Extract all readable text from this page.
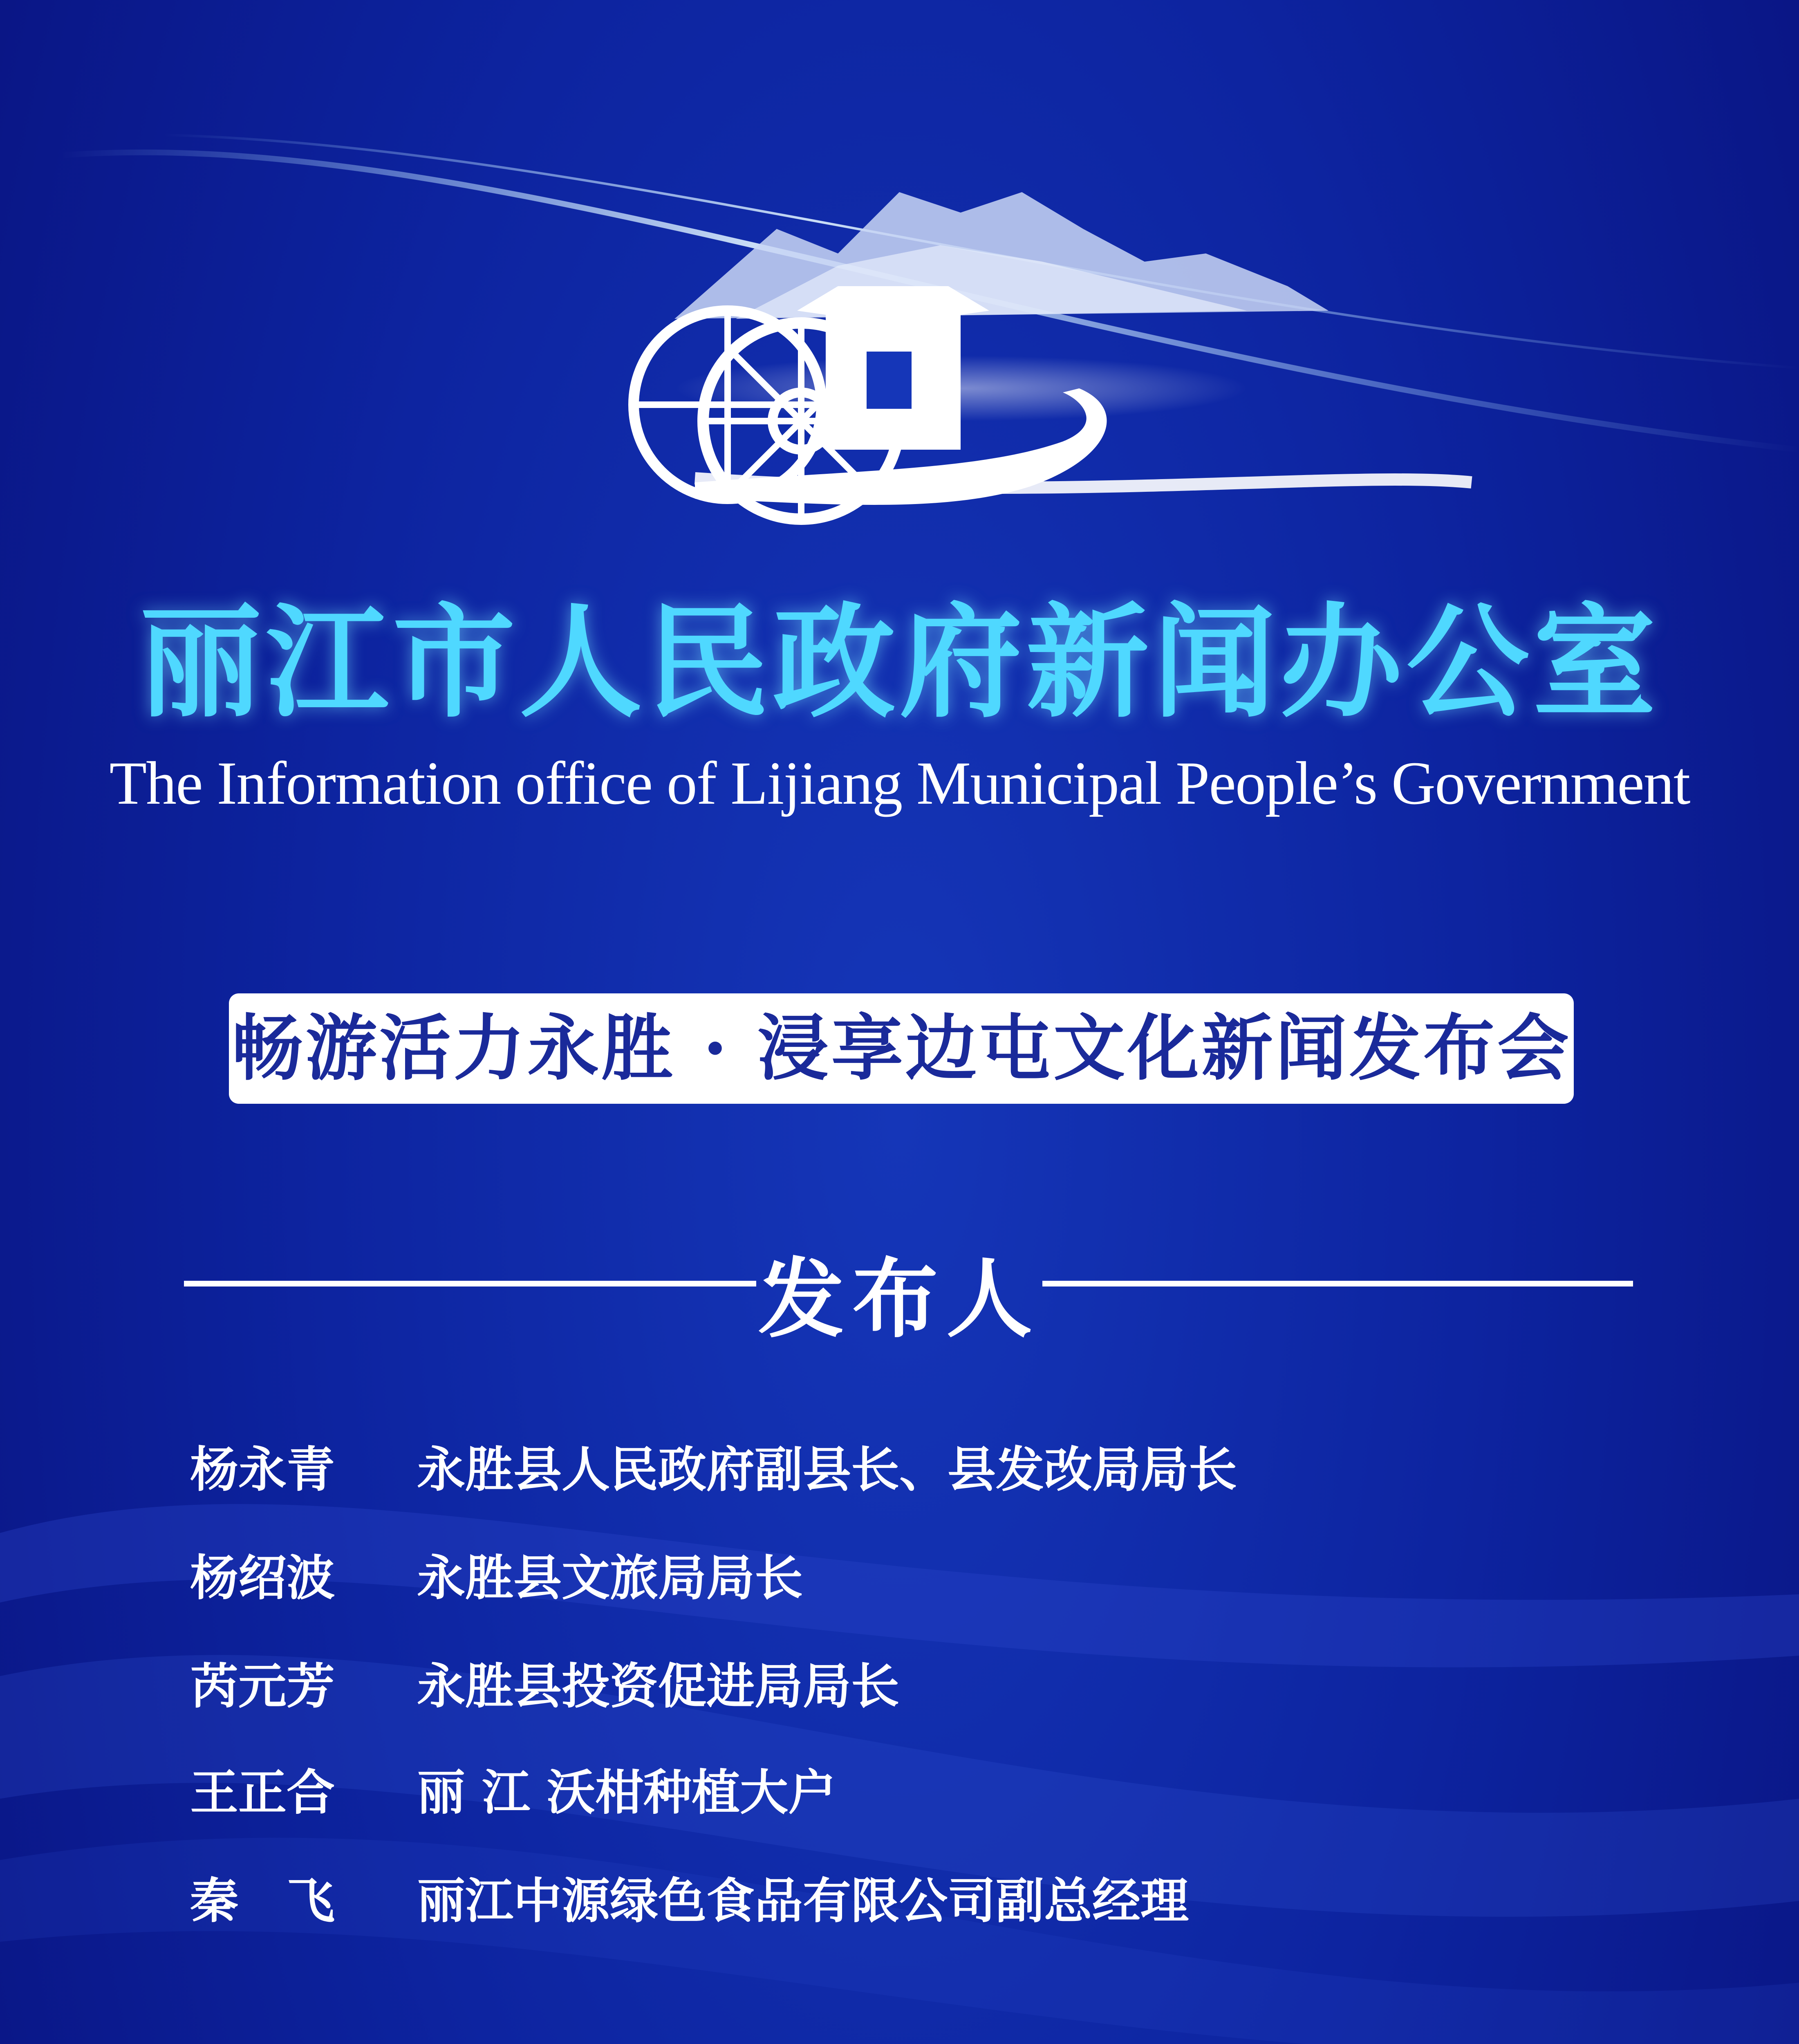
丽江市人民政府新闻办公室
The Information office of Lijiang Municipal People’s Government
畅游活力永胜 · 浸享边屯文化新闻发布会
发布人
杨永青 永胜县人民政府副县长、县发改局局长
杨绍波 永胜县文旅局局长
芮元芳 永胜县投资促进局局长
王正合 丽 江 沃柑种植大户
秦　飞 丽江中源绿色食品有限公司副总经理
